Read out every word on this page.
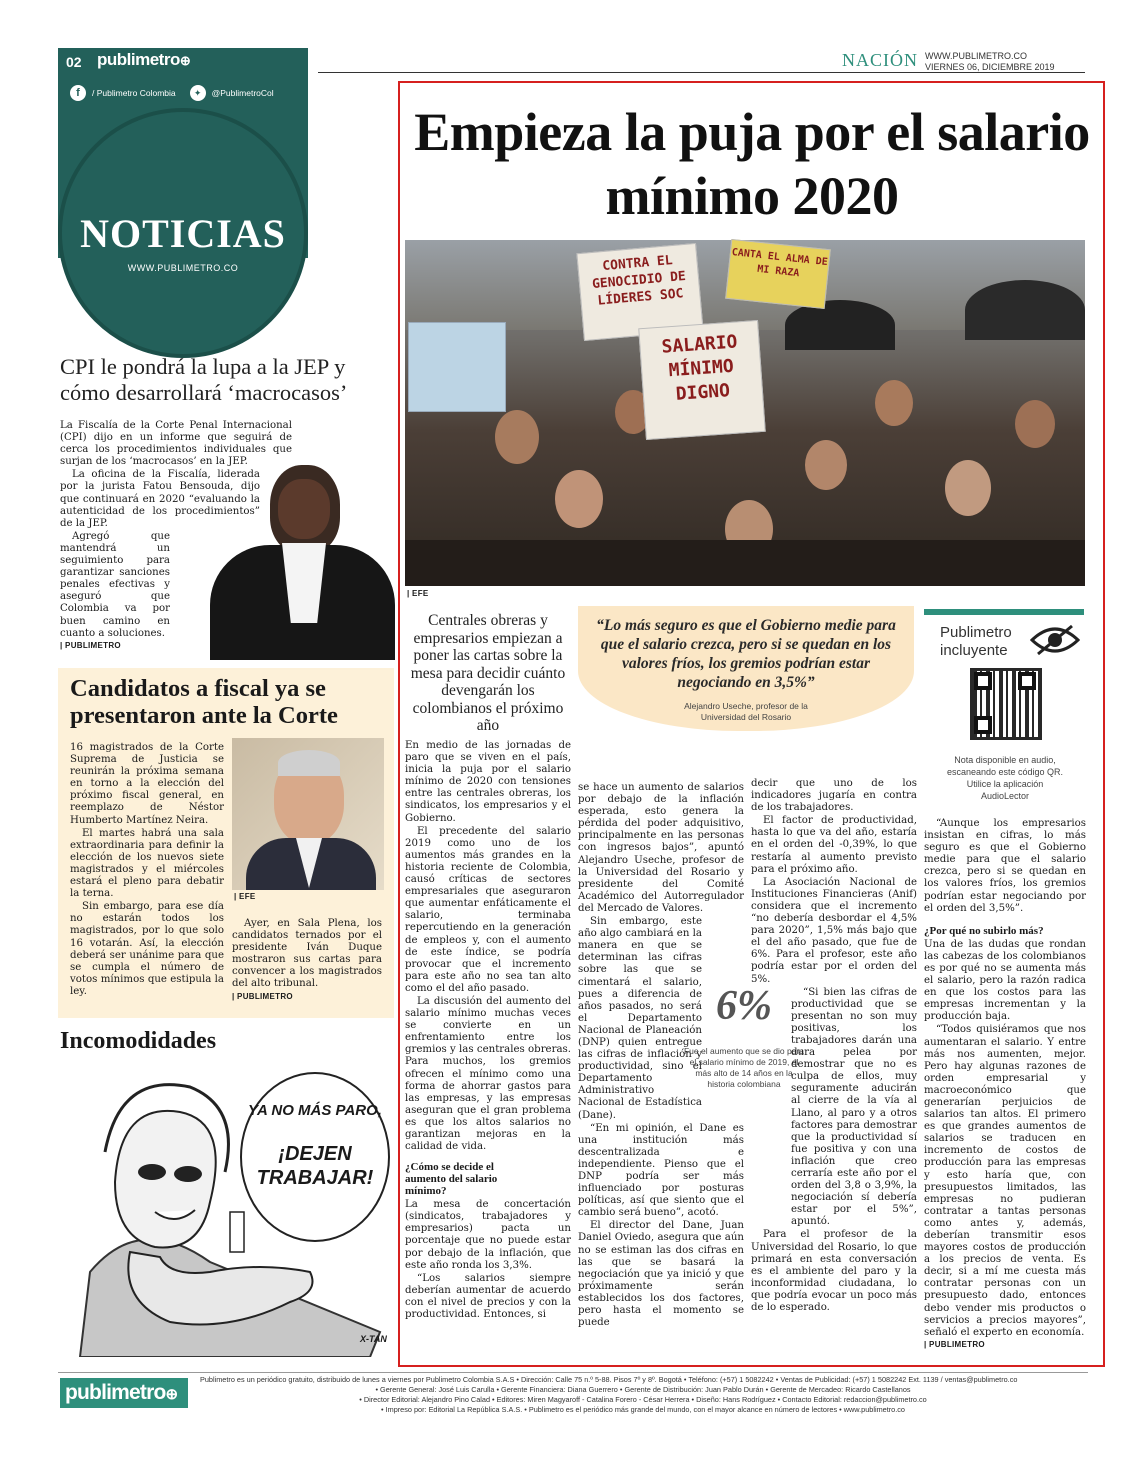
02 publimetro⊕
f	/ Publimetro Colombia	✦	@PublimetroCol
NOTICIAS
WWW.PUBLIMETRO.CO
CPI le pondrá la lupa a la JEP y cómo desarrollará ‘macrocasos’

La Fiscalía de la Corte Penal Internacional (CPI) dijo en un informe que seguirá de cerca los procedimientos individuales que surjan de los ‘macrocasos’ en la JEP.

La oficina de la Fiscalía, liderada por la jurista Fatou Bensouda, dijo que continuará en 2020 “evaluando la autenticidad de los procedimientos” de la JEP.

Agregó que mantendrá un seguimiento para garantizar sanciones penales efectivas y aseguró que Colombia va por buen camino en cuanto a soluciones.

| PUBLIMETRO
Candidatos a fiscal ya se presentaron ante la Corte

16 magistrados de la Corte Suprema de Justicia se reunirán la próxima semana en torno a la elección del próximo fiscal general, en reemplazo de Néstor Humberto Martínez Neira.

El martes habrá una sala extraordinaria para definir la elección de los nuevos siete magistrados y el miércoles estará el pleno para debatir la terna.

Sin embargo, para ese día no estarán todos los magistrados, por lo que solo 16 votarán. Así, la elección deberá ser unánime para que se cumpla el número de votos mínimos que estipula la ley.

| EFE

Ayer, en Sala Plena, los candidatos ternados por el presidente Iván Duque mostraron sus cartas para convencer a los magistrados del alto tribunal.

| PUBLIMETRO
Incomodidades
YA NO MÁS PARO,
¡DEJEN TRABAJAR!
X-TAN
NACIÓN WWW.PUBLIMETRO.CO
VIERNES 06, DICIEMBRE 2019
Empieza la puja por el salario mínimo 2020
CONTRA EL GENOCIDIO DE LÍDERES SOC
SALARIO MÍNIMO DIGNO
CANTA EL ALMA DE MI RAZA
| EFE
Centrales obreras y empresarios empiezan a poner las cartas sobre la mesa para decidir cuánto devengarán los colombianos el próximo año
“Lo más seguro es que el Gobierno medie para que el salario crezca, pero si se quedan en los valores fríos, los gremios podrían estar negociando en 3,5%”
Alejandro Useche, profesor de la Universidad del Rosario
Publimetro
incluyente
Nota disponible en audio, escaneando este código QR. Utilice la aplicación AudioLector

En medio de las jornadas de paro que se viven en el país, inicia la puja por el salario mínimo de 2020 con tensiones entre las centrales obreras, los sindicatos, los empresarios y el Gobierno.

El precedente del salario 2019 como uno de los aumentos más grandes en la historia reciente de Colombia, causó críticas de sectores empresariales que aseguraron que aumentar enfáticamente el salario, terminaba repercutiendo en la generación de empleos y, con el aumento de este índice, se podría provocar que el incremento para este año no sea tan alto como el del año pasado.

La discusión del aumento del salario mínimo muchas veces se convierte en un enfrentamiento entre los gremios y las centrales obreras. Para muchos, los gremios ofrecen el mínimo como una forma de ahorrar gastos para las empresas, y las empresas aseguran que el gran problema es que los altos salarios no garantizan mejoras en la calidad de vida.

¿Cómo se decide el aumento del salario mínimo?

La mesa de concertación (sindicatos, trabajadores y empresarios) pacta un porcentaje que no puede estar por debajo de la inflación, que este año ronda los 3,3%.

“Los salarios siempre deberían aumentar de acuerdo con el nivel de precios y con la productividad. Entonces, si

se hace un aumento de salarios por debajo de la inflación esperada, esto genera la pérdida del poder adquisitivo, principalmente en las personas con ingresos bajos”, apuntó Alejandro Useche, profesor de la Universidad del Rosario y presidente del Comité Académico del Autorregulador del Mercado de Valores.

Sin embargo, este año algo cambiará en la manera en que se determinan las cifras sobre las que se cimentará el salario, pues a diferencia de años pasados, no será el Departamento Nacional de Planeación (DNP) quien entregue las cifras de inflación y productividad, sino el Departamento Administrativo Nacional de Estadística (Dane).

“En mi opinión, el Dane es una institución más descentralizada e independiente. Pienso que el DNP podría ser más influenciado por posturas políticas, así que siento que el cambio será bueno”, acotó.

El director del Dane, Juan Daniel Oviedo, asegura que aún no se estiman las dos cifras en las que se basará la negociación que ya inició y que próximamente serán establecidos los dos factores, pero hasta el momento se puede

6%
Fue el aumento que se dio para el salario mínimo de 2019, el más alto de 14 años en la historia colombiana

decir que uno de los indicadores jugaría en contra de los trabajadores.

El factor de productividad, hasta lo que va del año, estaría en el orden del -0,39%, lo que restaría al aumento previsto para el próximo año.

La Asociación Nacional de Instituciones Financieras (Anif) considera que el incremento “no debería desbordar el 4,5% para 2020”, 1,5% más bajo que el del año pasado, que fue de 6%. Para el profesor, este año podría estar por el orden del 5%.

“Si bien las cifras de productividad que se presentan no son muy positivas, los trabajadores darán una dura pelea por demostrar que no es culpa de ellos, muy seguramente aducirán al cierre de la vía al Llano, al paro y a otros factores para demostrar que la productividad sí fue positiva y con una inflación que creo cerraría este año por el orden del 3,8 o 3,9%, la negociación sí debería estar por el 5%”, apuntó.

Para el profesor de la Universidad del Rosario, lo que primará en esta conversación es el ambiente del paro y la inconformidad ciudadana, lo que podría evocar un poco más de lo esperado.

“Aunque los empresarios insistan en cifras, lo más seguro es que el Gobierno medie para que el salario crezca, pero si se quedan en los valores fríos, los gremios podrían estar negociando por el orden del 3,5%”.

¿Por qué no subirlo más?

Una de las dudas que rondan las cabezas de los colombianos es por qué no se aumenta más el salario, pero la razón radica en que los costos para las empresas incrementan y la producción baja.

“Todos quisiéramos que nos aumentaran el salario. Y entre más nos aumenten, mejor. Pero hay algunas razones de orden empresarial y macroeconómico que generarían perjuicios de salarios tan altos. El primero es que grandes aumentos de salarios se traducen en incremento de costos de producción para las empresas y esto haría que, con presupuestos limitados, las empresas no pudieran contratar a tantas personas como antes y, además, deberían transmitir esos mayores costos de producción a los precios de venta. Es decir, si a mí me cuesta más contratar personas con un presupuesto dado, entonces debo vender mis productos o servicios a precios mayores”, señaló el experto en economía.

| PUBLIMETRO
publimetro⊕
Publimetro es un periódico gratuito, distribuido de lunes a viernes por Publimetro Colombia S.A.S • Dirección: Calle 75 n.º 5-88. Pisos 7º y 8º. Bogotá • Teléfono: (+57) 1 5082242 • Ventas de Publicidad: (+57) 1 5082242 Ext. 1139 / ventas@publimetro.co
• Gerente General: José Luis Carulla • Gerente Financiera: Diana Guerrero • Gerente de Distribución: Juan Pablo Durán • Gerente de Mercadeo: Ricardo Castellanos
• Director Editorial: Alejandro Pino Calad • Editores: Miren Magyaroff - Catalina Forero - César Herrera • Diseño: Hans Rodríguez • Contacto Editorial: redaccion@publimetro.co
• Impreso por: Editorial La República S.A.S. • Publimetro es el periódico más grande del mundo, con el mayor alcance en número de lectores • www.publimetro.co
